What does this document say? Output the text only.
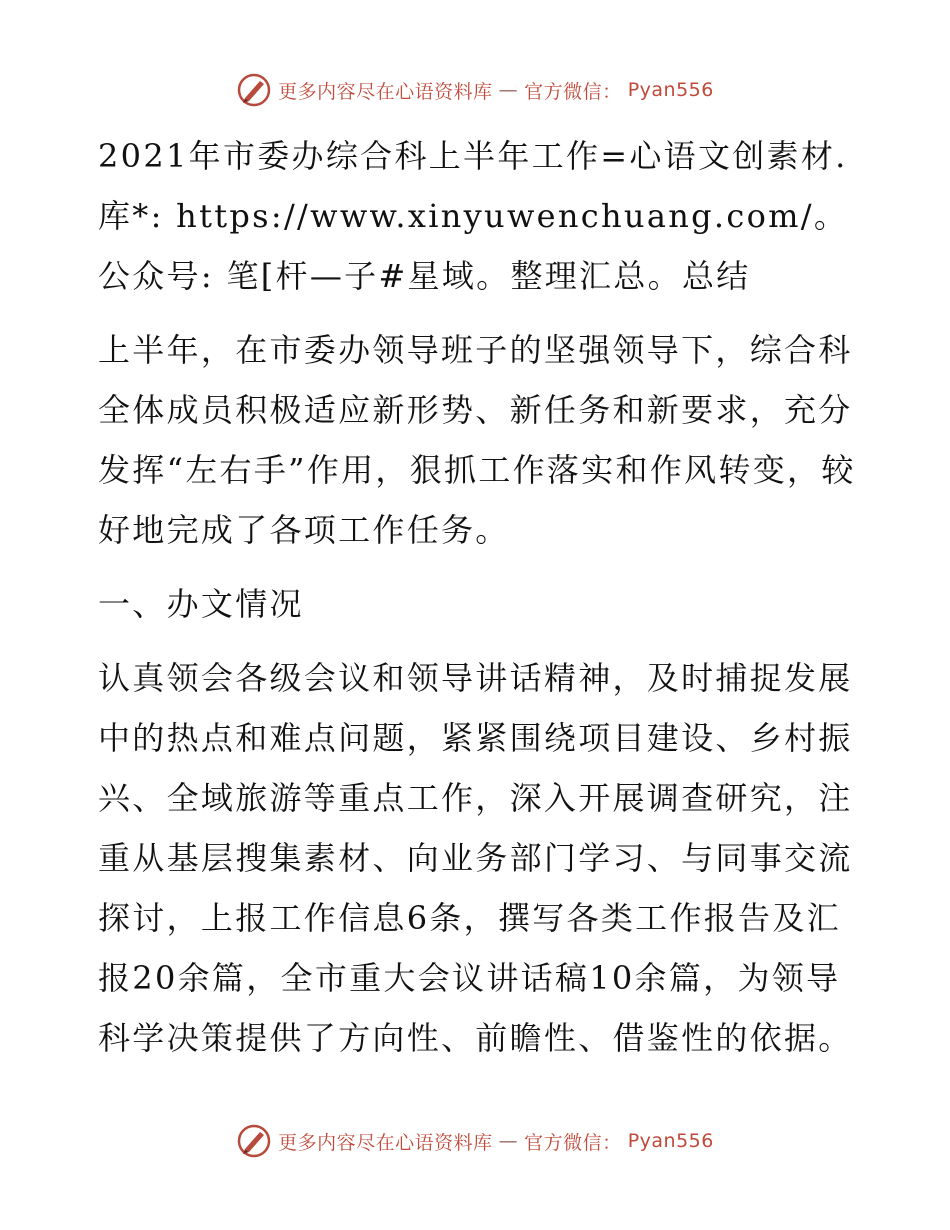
更多内容尽在心语资料库 — 官方微信： Pyan556

2021年市委办综合科上半年工作=心语文创素材.库*: https://www.xinyuwenchuang.com/。公众号: 笔[杆—子#星域。整理汇总。总结

上半年，在市委办领导班子的坚强领导下，综合科全体成员积极适应新形势、新任务和新要求，充分发挥“左右手”作用，狠抓工作落实和作风转变，较好地完成了各项工作任务。

一、办文情况

认真领会各级会议和领导讲话精神，及时捕捉发展中的热点和难点问题，紧紧围绕项目建设、乡村振兴、全域旅游等重点工作，深入开展调查研究，注重从基层搜集素材、向业务部门学习、与同事交流探讨，上报工作信息6条，撰写各类工作报告及汇报20余篇，全市重大会议讲话稿10余篇，为领导科学决策提供了方向性、前瞻性、借鉴性的依据。

更多内容尽在心语资料库 — 官方微信： Pyan556
